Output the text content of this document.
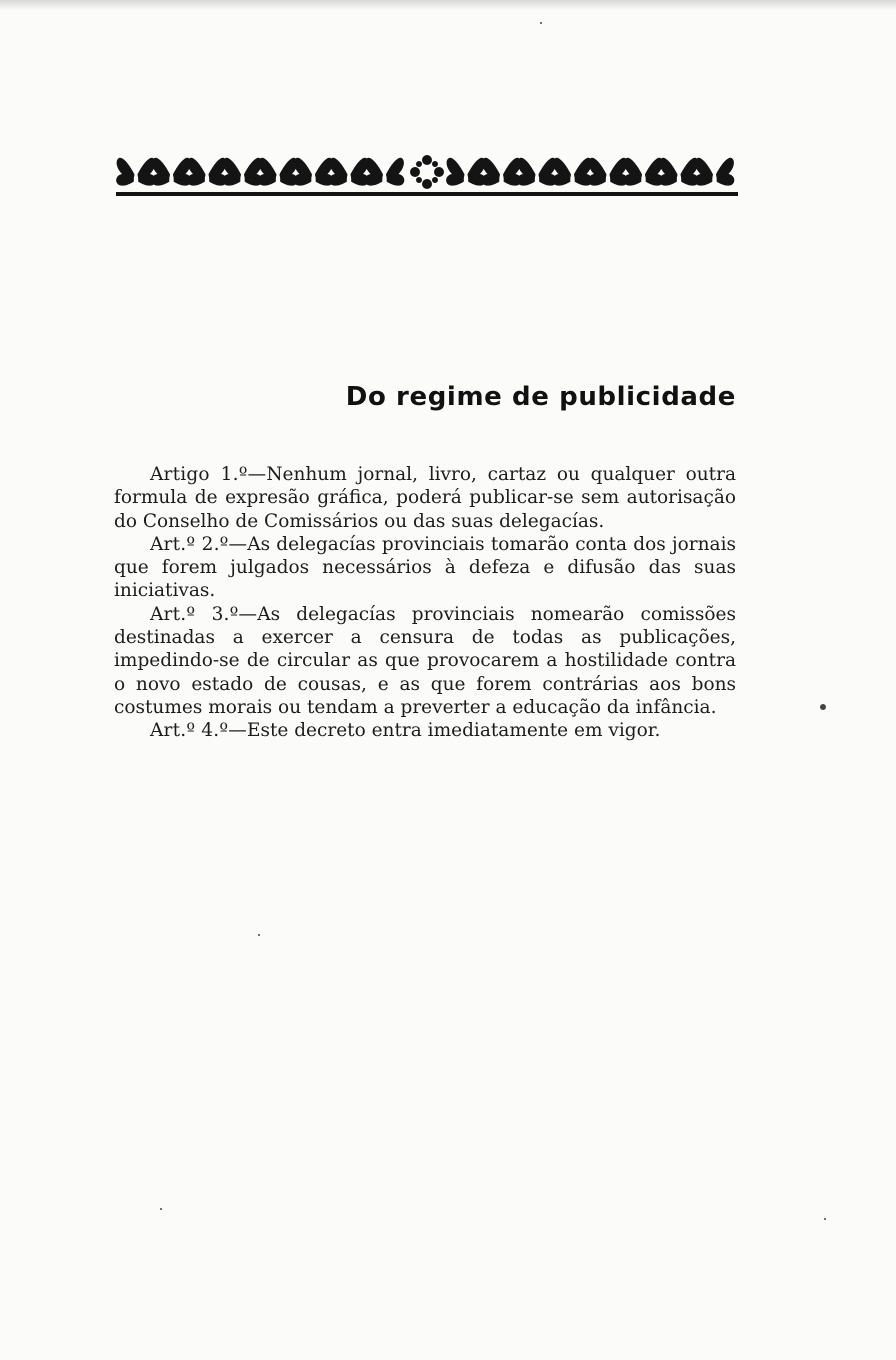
Do regime de publicidade

Artigo 1.º—Nenhum jornal, livro, cartaz ou qualquer outra formula de expresão gráfica, poderá publicar-se sem autorisação do Conselho de Comissários ou das suas delegacías.

Art.º 2.º—As delegacías provinciais tomarão conta dos jornais que forem julgados necessários à defeza e difusão das suas iniciativas.

Art.º 3.º—As delegacías provinciais nomearão comissões destinadas a exercer a censura de todas as publicações, impedindo-se de circular as que provocarem a hostilidade contra o novo estado de cousas, e as que forem contrárias aos bons costumes morais ou tendam a preverter a educação da infância.

Art.º 4.º—Este decreto entra imediatamente em vigor.
